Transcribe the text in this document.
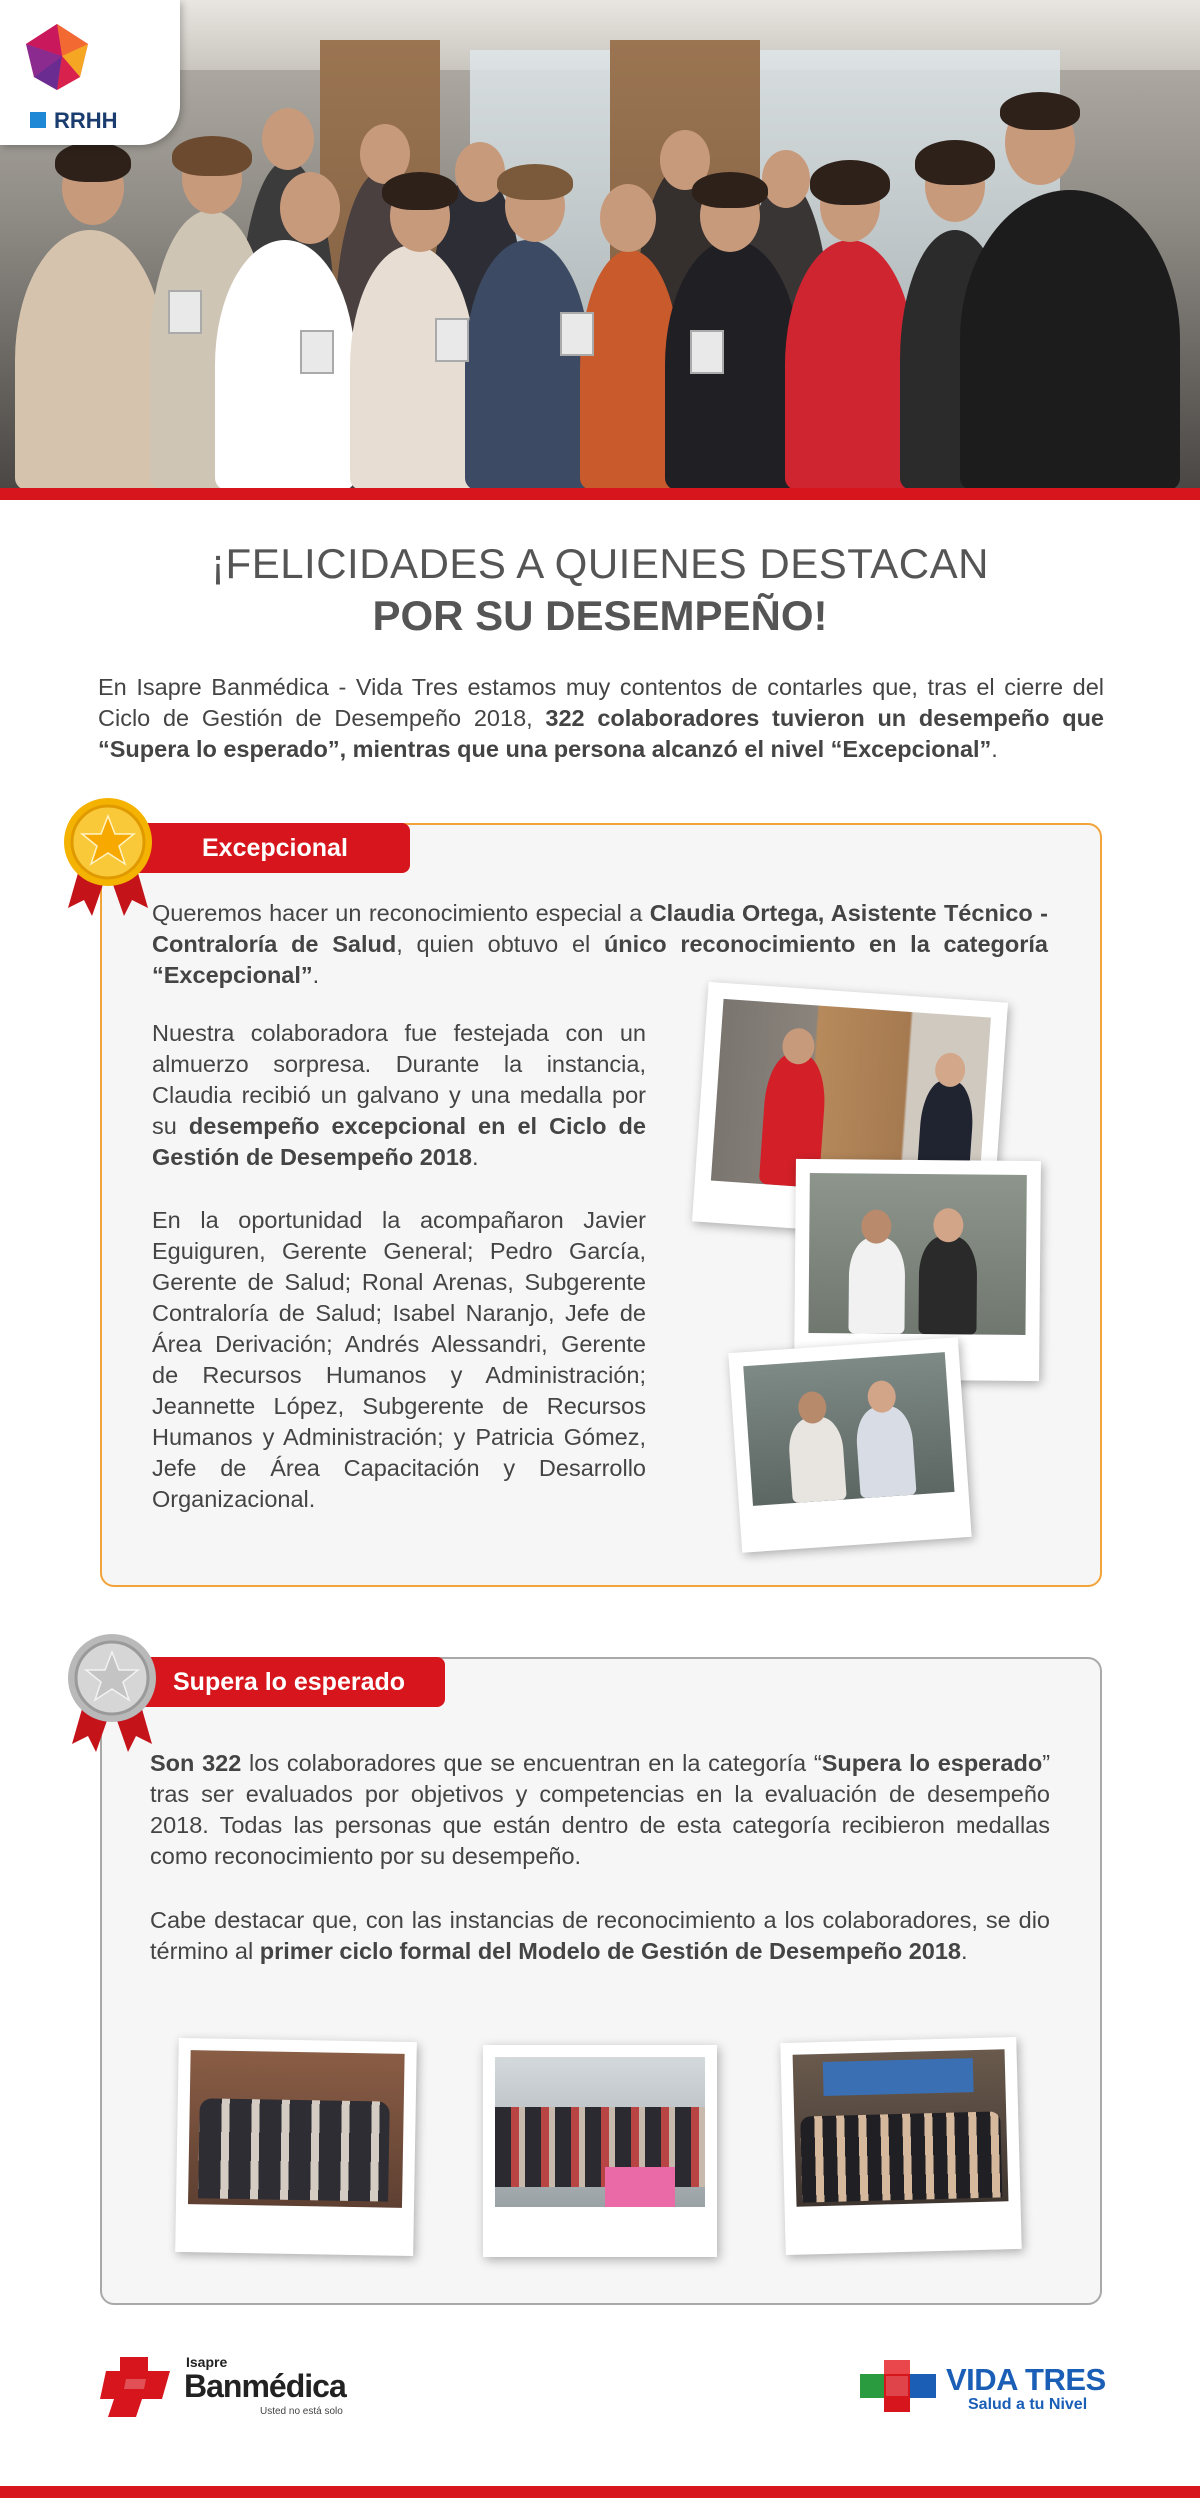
RRHH
¡FELICIDADES A QUIENES DESTACAN
POR SU DESEMPEÑO!
En Isapre Banmédica - Vida Tres estamos muy contentos de contarles que, tras el cierre del Ciclo de Gestión de Desempeño 2018, 322 colaboradores tuvieron un desempeño que “Supera lo esperado”, mientras que una persona alcanzó el nivel “Excepcional”.
Excepcional
Queremos hacer un reconocimiento especial a Claudia Ortega, Asistente Técnico - Contraloría de Salud, quien obtuvo el único reconocimiento en la categoría “Excepcional”.
Nuestra colaboradora fue festejada con un almuerzo sorpresa. Durante la instancia, Claudia recibió un galvano y una medalla por su desempeño excepcional en el Ciclo de Gestión de Desempeño 2018.
En la oportunidad la acompañaron Javier Eguiguren, Gerente General; Pedro García, Gerente de Salud; Ronal Arenas, Subgerente Contraloría de Salud; Isabel Naranjo, Jefe de Área Derivación; Andrés Alessandri, Gerente de Recursos Humanos y Administración; Jeannette López, Subgerente de Recursos Humanos y Administración; y Patricia Gómez, Jefe de Área Capacitación y Desarrollo Organizacional.
Supera lo esperado
Son 322 los colaboradores que se encuentran en la categoría “Supera lo esperado” tras ser evaluados por objetivos y competencias en la evaluación de desempeño 2018. Todas las personas que están dentro de esta categoría recibieron medallas como reconocimiento por su desempeño.
Cabe destacar que, con las instancias de reconocimiento a los colaboradores, se dio término al primer ciclo formal del Modelo de Gestión de Desempeño 2018.
Isapre
Banmédica
Usted no está solo
VIDA TRES
Salud a tu Nivel
